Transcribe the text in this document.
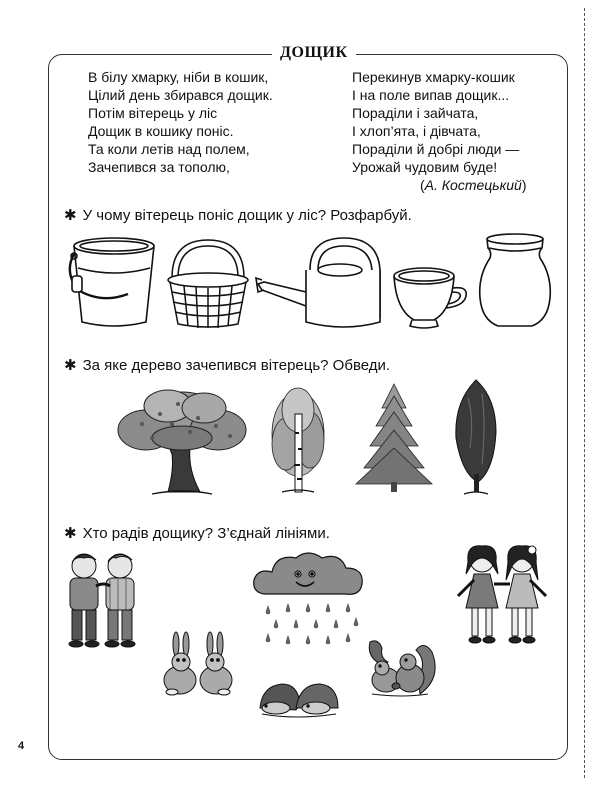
ДОЩИК
В білу хмарку, ніби в кошик,
Цілий день збирався дощик.
Потім вітерець у ліс
Дощик в кошику поніс.
Та коли летів над полем,
Зачепився за тополю,
Перекинув хмарку-кошик
І на поле випав дощик...
Пораділи і зайчата,
І хлоп’ята, і дівчата,
Пораділи й добрі люди —
Урожай чудовим буде!
(А. Костецький)
✱ У чому вітерець поніс дощик у ліс? Розфарбуй.
✱ За яке дерево зачепився вітерець? Обведи.
✱ Хто радів дощику? З’єднай лініями.
4
